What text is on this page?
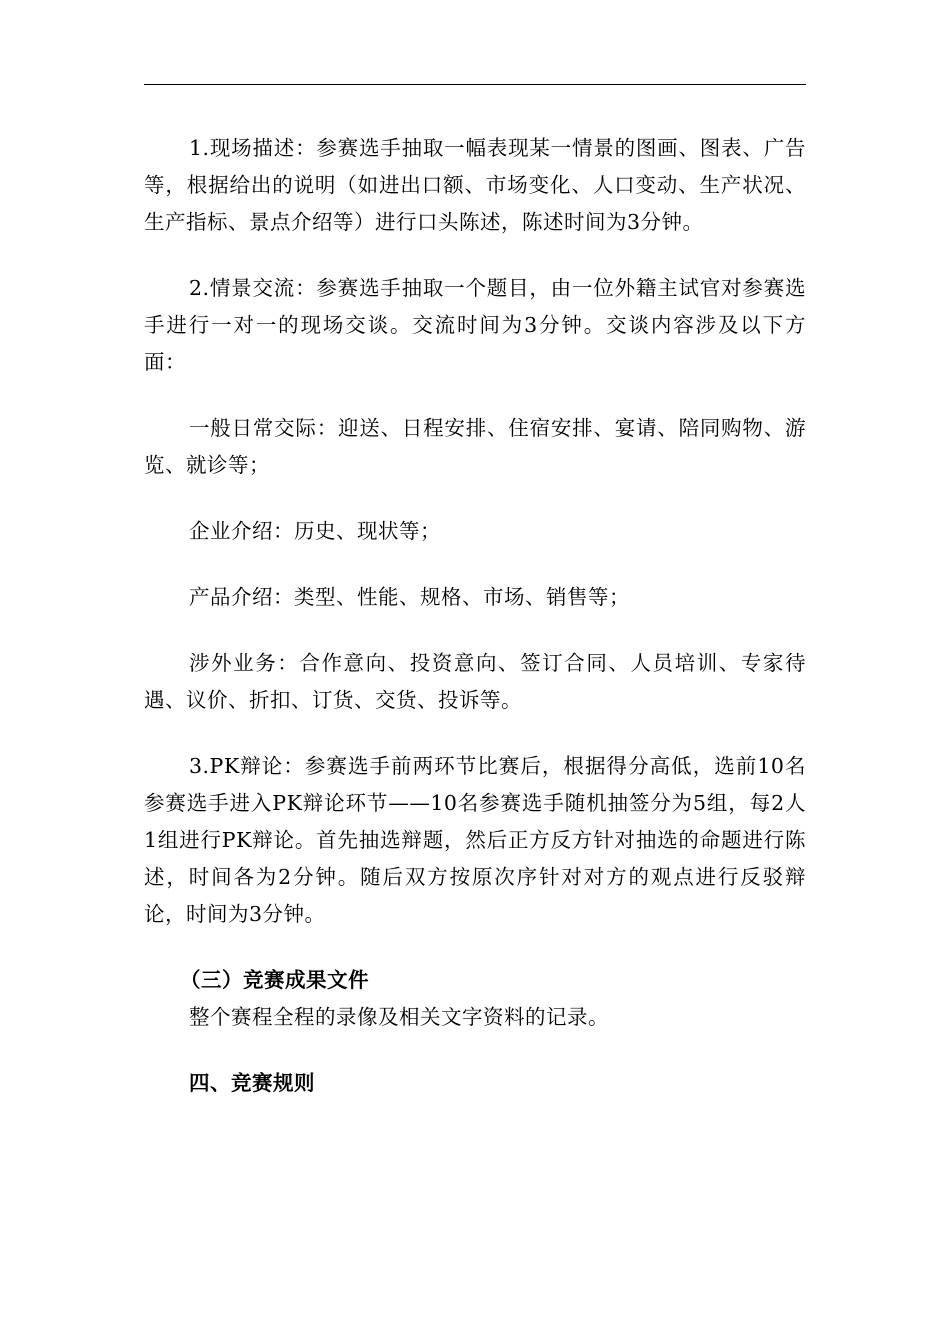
1.现场描述：参赛选手抽取一幅表现某一情景的图画、图表、广告等，根据给出的说明（如进出口额、市场变化、人口变动、生产状况、生产指标、景点介绍等）进行口头陈述，陈述时间为3分钟。

2.情景交流：参赛选手抽取一个题目，由一位外籍主试官对参赛选手进行一对一的现场交谈。交流时间为3分钟。交谈内容涉及以下方面：

一般日常交际：迎送、日程安排、住宿安排、宴请、陪同购物、游览、就诊等；

企业介绍：历史、现状等；

产品介绍：类型、性能、规格、市场、销售等；

涉外业务：合作意向、投资意向、签订合同、人员培训、专家待遇、议价、折扣、订货、交货、投诉等。

3.PK辩论：参赛选手前两环节比赛后，根据得分高低，选前10名参赛选手进入PK辩论环节——10名参赛选手随机抽签分为5组，每2人1组进行PK辩论。首先抽选辩题，然后正方反方针对抽选的命题进行陈述，时间各为2分钟。随后双方按原次序针对对方的观点进行反驳辩论，时间为3分钟。

（三）竞赛成果文件

整个赛程全程的录像及相关文字资料的记录。

四、竞赛规则
